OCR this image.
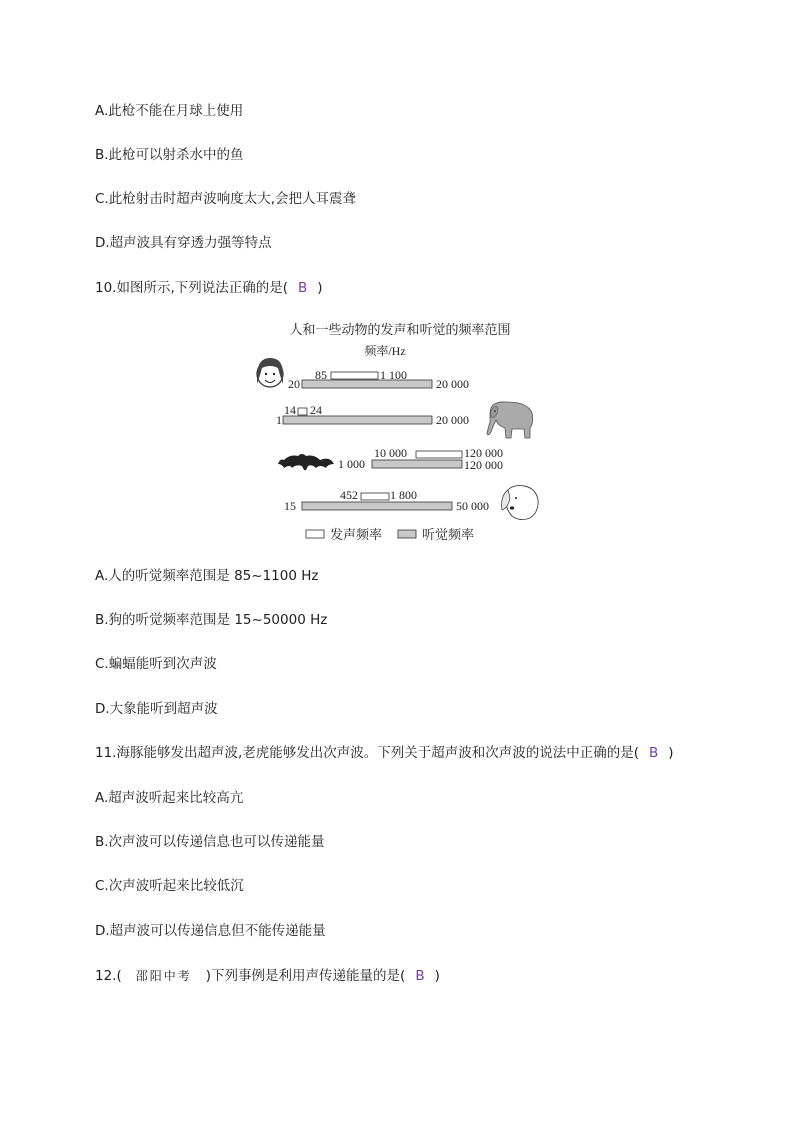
A.此枪不能在月球上使用
B.此枪可以射杀水中的鱼
C.此枪射击时超声波响度太大,会把人耳震聋
D.超声波具有穿透力强等特点
10.如图所示,下列说法正确的是( B )
人和一些动物的发声和听觉的频率范围
频率/Hz
20
85	1 100
20 000
1
14 24
20 000
1 000
10 000	120 000
120 000
15
452	1 800
50 000
发声频率	听觉频率
A.人的听觉频率范围是 85~1100 Hz
B.狗的听觉频率范围是 15~50000 Hz
C.蝙蝠能听到次声波
D.大象能听到超声波
11.海豚能够发出超声波,老虎能够发出次声波。下列关于超声波和次声波的说法中正确的是( B )
A.超声波听起来比较高亢
B.次声波可以传递信息也可以传递能量
C.次声波听起来比较低沉
D.超声波可以传递信息但不能传递能量
12.( 邵阳中考 )下列事例是利用声传递能量的是( B )
